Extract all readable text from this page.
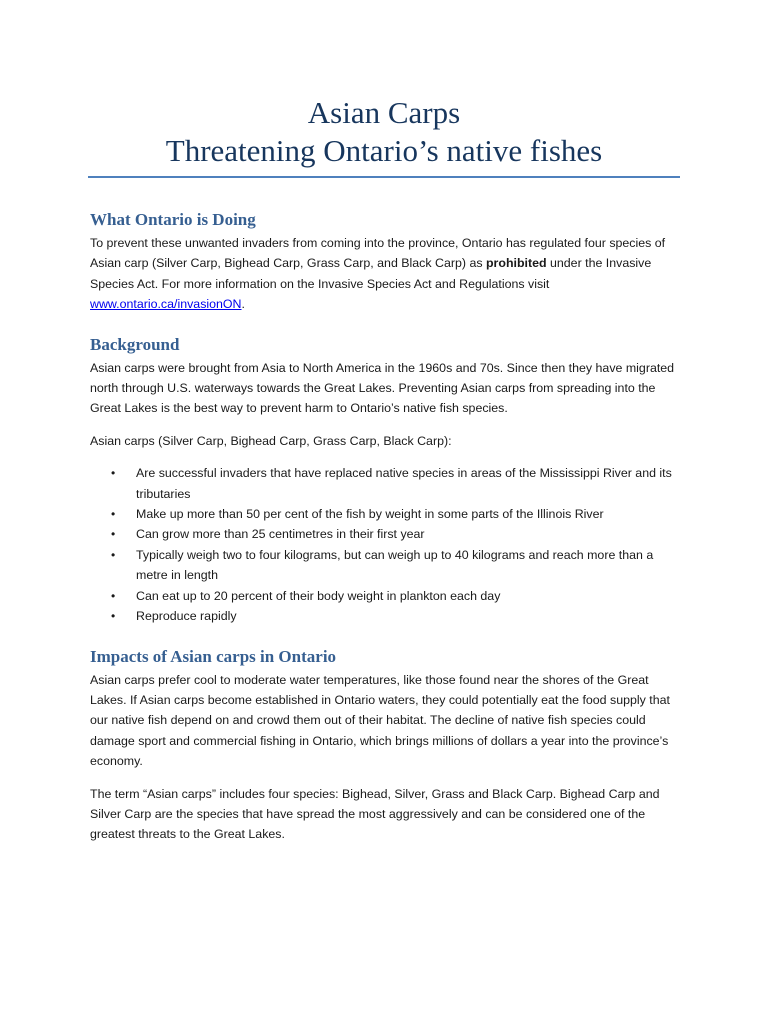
Asian Carps
Threatening Ontario’s native fishes
What Ontario is Doing

To prevent these unwanted invaders from coming into the province, Ontario has regulated four species of Asian carp (Silver Carp, Bighead Carp, Grass Carp, and Black Carp) as prohibited under the Invasive Species Act. For more information on the Invasive Species Act and Regulations visit www.ontario.ca/invasionON.

Background

Asian carps were brought from Asia to North America in the 1960s and 70s. Since then they have migrated north through U.S. waterways towards the Great Lakes. Preventing Asian carps from spreading into the Great Lakes is the best way to prevent harm to Ontario’s native fish species.

Asian carps (Silver Carp, Bighead Carp, Grass Carp, Black Carp):

• Are successful invaders that have replaced native species in areas of the Mississippi River and its tributaries
• Make up more than 50 per cent of the fish by weight in some parts of the Illinois River
• Can grow more than 25 centimetres in their first year
• Typically weigh two to four kilograms, but can weigh up to 40 kilograms and reach more than a metre in length
• Can eat up to 20 percent of their body weight in plankton each day
• Reproduce rapidly
Impacts of Asian carps in Ontario

Asian carps prefer cool to moderate water temperatures, like those found near the shores of the Great Lakes. If Asian carps become established in Ontario waters, they could potentially eat the food supply that our native fish depend on and crowd them out of their habitat. The decline of native fish species could damage sport and commercial fishing in Ontario, which brings millions of dollars a year into the province’s economy.

The term “Asian carps” includes four species: Bighead, Silver, Grass and Black Carp. Bighead Carp and Silver Carp are the species that have spread the most aggressively and can be considered one of the greatest threats to the Great Lakes.
